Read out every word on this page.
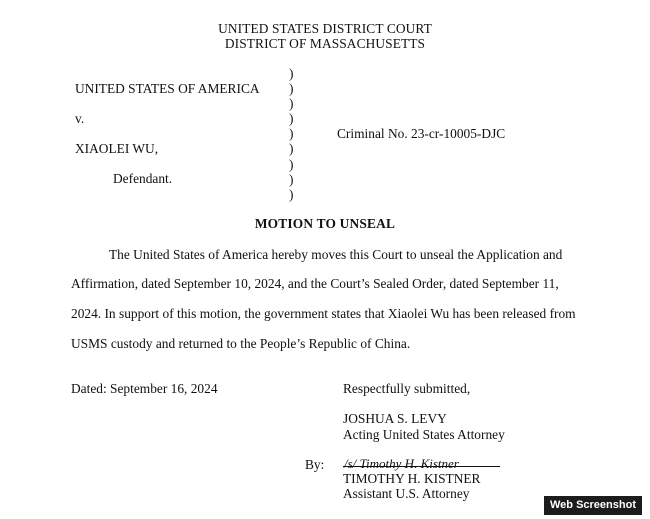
UNITED STATES DISTRICT COURT
DISTRICT OF MASSACHUSETTS
UNITED STATES OF AMERICA
v.
XIAOLEI WU,
Defendant.
)
)
)
)
)
)
)
)
)
Criminal No. 23-cr-10005-DJC
MOTION TO UNSEAL
The United States of America hereby moves this Court to unseal the Application and
Affirmation, dated September 10, 2024, and the Court’s Sealed Order, dated September 11,
2024. In support of this motion, the government states that Xiaolei Wu has been released from
USMS custody and returned to the People’s Republic of China.
Dated: September 16, 2024	Respectfully submitted,
JOSHUA S. LEVY
Acting United States Attorney
By: /s/ Timothy H. Kistner
TIMOTHY H. KISTNER
Assistant U.S. Attorney
Web Screenshot
